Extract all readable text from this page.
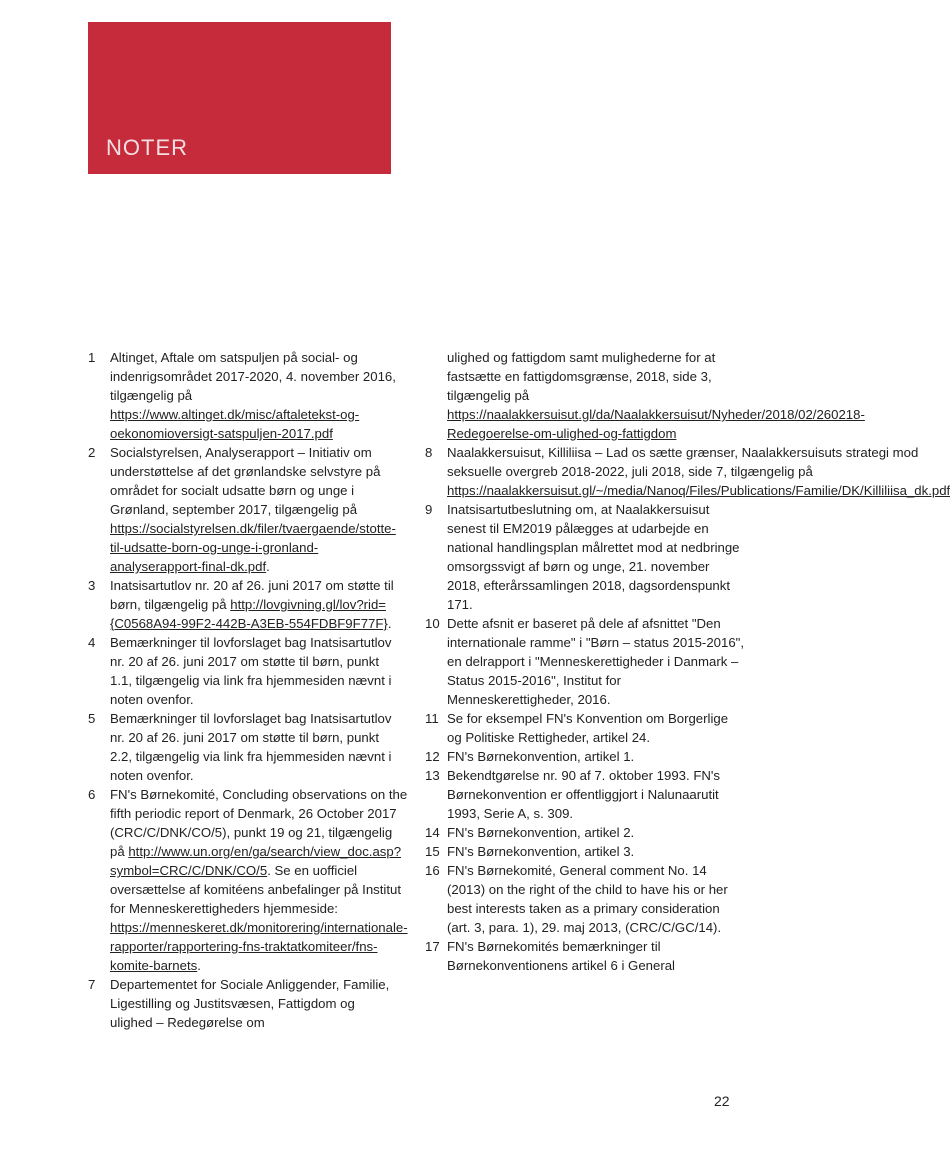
NOTER
1	Altinget, Aftale om satspuljen på social- og indenrigsområdet 2017-2020, 4. november 2016, tilgængelig på https://www.altinget.dk/misc/aftaletekst-og-oekonomioversigt-satspuljen-2017.pdf
2	Socialstyrelsen, Analyserapport – Initiativ om understøttelse af det grønlandske selvstyre på området for socialt udsatte børn og unge i Grønland, september 2017, tilgængelig på https://socialstyrelsen.dk/filer/tvaergaende/stotte-til-udsatte-born-og-unge-i-gronland-analyserapport-final-dk.pdf.
3	Inatsisartutlov nr. 20 af 26. juni 2017 om støtte til børn, tilgængelig på http://lovgivning.gl/lov?rid={C0568A94-99F2-442B-A3EB-554FDBF9F77F}.
4	Bemærkninger til lovforslaget bag Inatsisartutlov nr. 20 af 26. juni 2017 om støtte til børn, punkt 1.1, tilgængelig via link fra hjemmesiden nævnt i noten ovenfor.
5	Bemærkninger til lovforslaget bag Inatsisartutlov nr. 20 af 26. juni 2017 om støtte til børn, punkt 2.2, tilgængelig via link fra hjemmesiden nævnt i noten ovenfor.
6	FN's Børnekomité, Concluding observations on the fifth periodic report of Denmark, 26 October 2017 (CRC/C/DNK/CO/5), punkt 19 og 21, tilgængelig på http://www.un.org/en/ga/search/view_doc.asp?symbol=CRC/C/DNK/CO/5. Se en uofficiel oversættelse af komitéens anbefalinger på Institut for Menneskerettigheders hjemmeside: https://menneskeret.dk/monitorering/internationale-rapporter/rapportering-fns-traktatkomiteer/fns-komite-barnets.
7	Departementet for Sociale Anliggender, Familie, Ligestilling og Justitsvæsen, Fattigdom og ulighed – Redegørelse om
ulighed og fattigdom samt mulighederne for at fastsætte en fattigdomsgrænse, 2018, side 3, tilgængelig på https://naalakkersuisut.gl/da/Naalakkersuisut/Nyheder/2018/02/260218-Redegoerelse-om-ulighed-og-fattigdom
8	Naalakkersuisut, Killiliisa – Lad os sætte grænser, Naalakkersuisuts strategi mod seksuelle overgreb 2018-2022, juli 2018, side 7, tilgængelig på https://naalakkersuisut.gl/~/media/Nanoq/Files/Publications/Familie/DK/Killiliisa_dk.pdf
9	Inatsisartutbeslutning om, at Naalakkersuisut senest til EM2019 pålægges at udarbejde en national handlingsplan målrettet mod at nedbringe omsorgssvigt af børn og unge, 21. november 2018, efterårssamlingen 2018, dagsordenspunkt 171.
10 Dette afsnit er baseret på dele af afsnittet "Den internationale ramme" i "Børn – status 2015-2016", en delrapport i "Menneskerettigheder i Danmark – Status 2015-2016", Institut for Menneskerettigheder, 2016.
11 Se for eksempel FN's Konvention om Borgerlige og Politiske Rettigheder, artikel 24.
12 FN's Børnekonvention, artikel 1.
13 Bekendtgørelse nr. 90 af 7. oktober 1993. FN's Børnekonvention er offentliggjort i Nalunaarutit 1993, Serie A, s. 309.
14 FN's Børnekonvention, artikel 2.
15 FN's Børnekonvention, artikel 3.
16 FN's Børnekomité, General comment No. 14 (2013) on the right of the child to have his or her best interests taken as a primary consideration (art. 3, para. 1), 29. maj 2013, (CRC/C/GC/14).
17 FN's Børnekomités bemærkninger til Børnekonventionens artikel 6 i General
22
